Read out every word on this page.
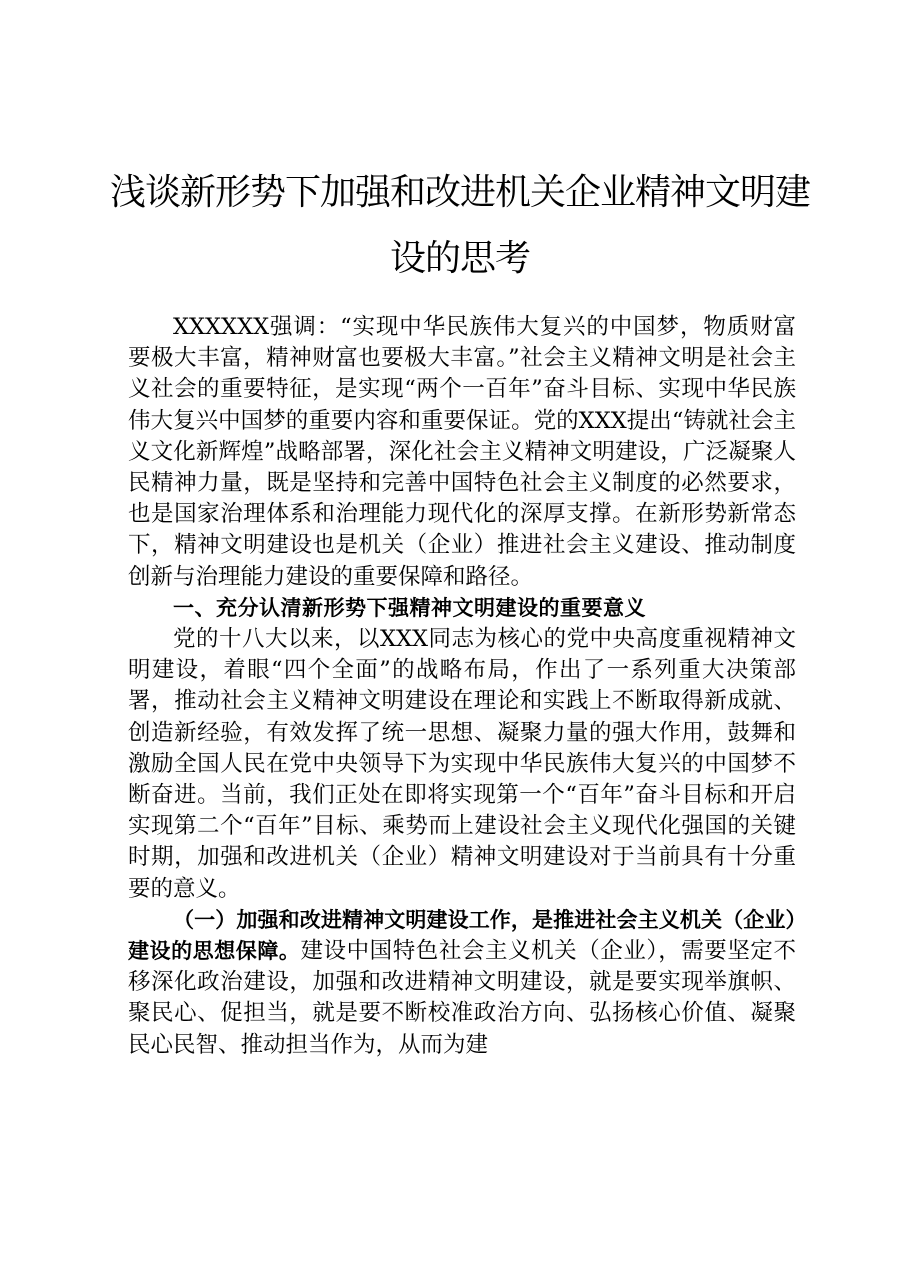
浅谈新形势下加强和改进机关企业精神文明建
设的思考

XXXXXX强调：“实现中华民族伟大复兴的中国梦，物质财富要极大丰富，精神财富也要极大丰富。”社会主义精神文明是社会主义社会的重要特征，是实现“两个一百年”奋斗目标、实现中华民族伟大复兴中国梦的重要内容和重要保证。党的XXX提出“铸就社会主义文化新辉煌”战略部署，深化社会主义精神文明建设，广泛凝聚人民精神力量，既是坚持和完善中国特色社会主义制度的必然要求，也是国家治理体系和治理能力现代化的深厚支撑。在新形势新常态下，精神文明建设也是机关（企业）推进社会主义建设、推动制度创新与治理能力建设的重要保障和路径。

一、充分认清新形势下强精神文明建设的重要意义

党的十八大以来，以XXX同志为核心的党中央高度重视精神文明建设，着眼“四个全面”的战略布局，作出了一系列重大决策部署，推动社会主义精神文明建设在理论和实践上不断取得新成就、创造新经验，有效发挥了统一思想、凝聚力量的强大作用，鼓舞和激励全国人民在党中央领导下为实现中华民族伟大复兴的中国梦不断奋进。当前，我们正处在即将实现第一个“百年”奋斗目标和开启实现第二个“百年”目标、乘势而上建设社会主义现代化强国的关键时期，加强和改进机关（企业）精神文明建设对于当前具有十分重要的意义。

（一）加强和改进精神文明建设工作，是推进社会主义机关（企业）建设的思想保障。建设中国特色社会主义机关（企业），需要坚定不移深化政治建设，加强和改进精神文明建设，就是要实现举旗帜、聚民心、促担当，就是要不断校准政治方向、弘扬核心价值、凝聚民心民智、推动担当作为，从而为建
